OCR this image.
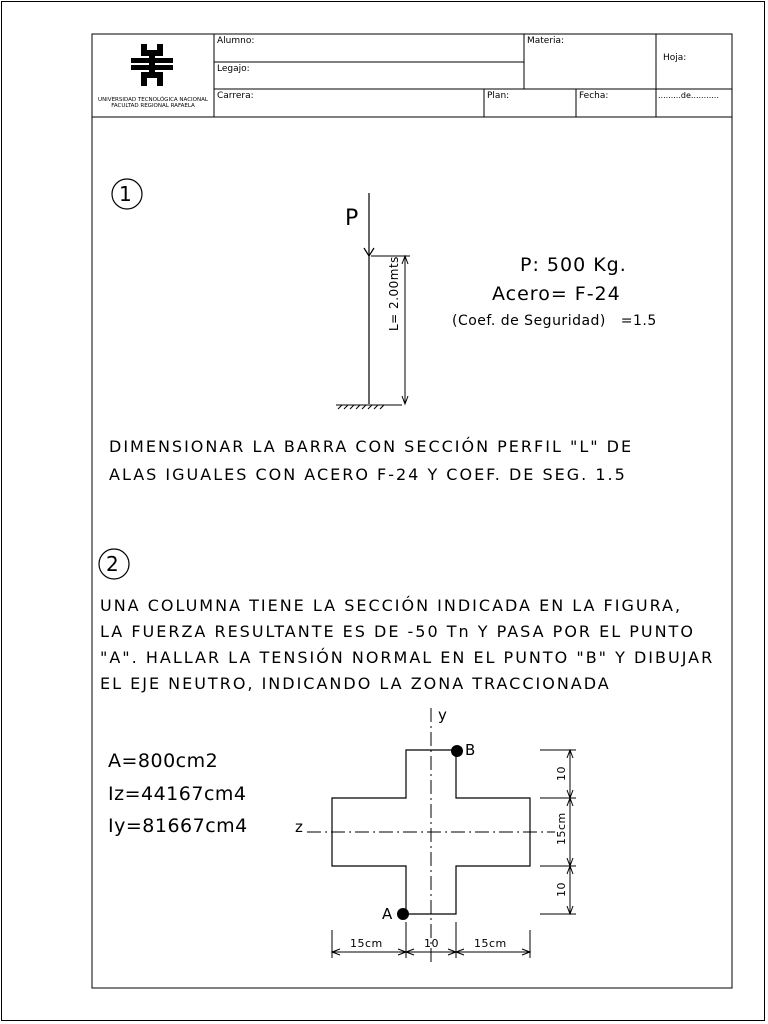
UNIVERSIDAD TECNOLÓGICA NACIONAL
FACULTAD REGIONAL RAFAELA
Alumno:	Materia:
Legajo:
Hoja:
Carrera:	Plan:	Fecha:	.........de...........
1
P
L= 2.00mts	P: 500 Kg.
Acero= F-24
(Coef. de Seguridad)   =1.5
DIMENSIONAR LA BARRA CON SECCIÓN PERFIL "L" DE
ALAS IGUALES CON ACERO F-24 Y COEF. DE SEG. 1.5
2
UNA COLUMNA TIENE LA SECCIÓN INDICADA EN LA FIGURA,
LA FUERZA RESULTANTE ES DE -50 Tn Y PASA POR EL PUNTO
"A". HALLAR LA TENSIÓN NORMAL EN EL PUNTO "B" Y DIBUJAR
EL EJE NEUTRO, INDICANDO LA ZONA TRACCIONADA
A=800cm2
Iz=44167cm4
Iy=81667cm4
y
z
B
A
10
15cm
10
15cm	10	15cm
